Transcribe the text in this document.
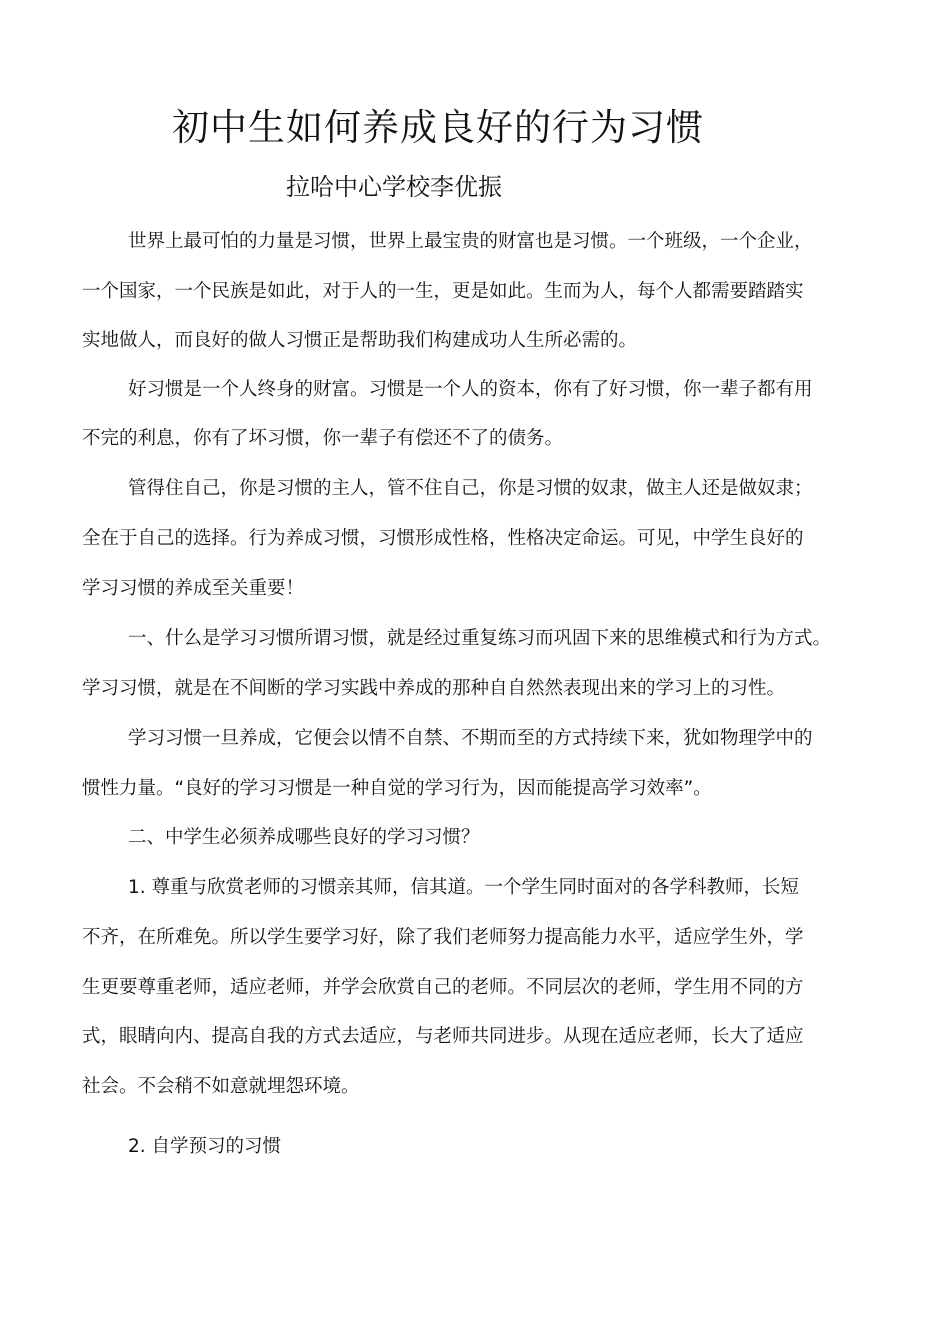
初中生如何养成良好的行为习惯
拉哈中心学校李优振
世界上最可怕的力量是习惯，世界上最宝贵的财富也是习惯。一个班级，一个企业，
一个国家，一个民族是如此，对于人的一生，更是如此。生而为人，每个人都需要踏踏实
实地做人，而良好的做人习惯正是帮助我们构建成功人生所必需的。
好习惯是一个人终身的财富。习惯是一个人的资本，你有了好习惯，你一辈子都有用
不完的利息，你有了坏习惯，你一辈子有偿还不了的债务。
管得住自己，你是习惯的主人，管不住自己，你是习惯的奴隶，做主人还是做奴隶；
全在于自己的选择。行为养成习惯，习惯形成性格，性格决定命运。可见，中学生良好的
学习习惯的养成至关重要！
一、什么是学习习惯所谓习惯，就是经过重复练习而巩固下来的思维模式和行为方式。
学习习惯，就是在不间断的学习实践中养成的那种自自然然表现出来的学习上的习性。
学习习惯一旦养成，它便会以情不自禁、不期而至的方式持续下来，犹如物理学中的
惯性力量。“良好的学习习惯是一种自觉的学习行为，因而能提高学习效率”。
二、中学生必须养成哪些良好的学习习惯？
1. 尊重与欣赏老师的习惯亲其师，信其道。一个学生同时面对的各学科教师，长短
不齐，在所难免。所以学生要学习好，除了我们老师努力提高能力水平，适应学生外，学
生更要尊重老师，适应老师，并学会欣赏自己的老师。不同层次的老师，学生用不同的方
式，眼睛向内、提高自我的方式去适应，与老师共同进步。从现在适应老师，长大了适应
社会。不会稍不如意就埋怨环境。
2. 自学预习的习惯
